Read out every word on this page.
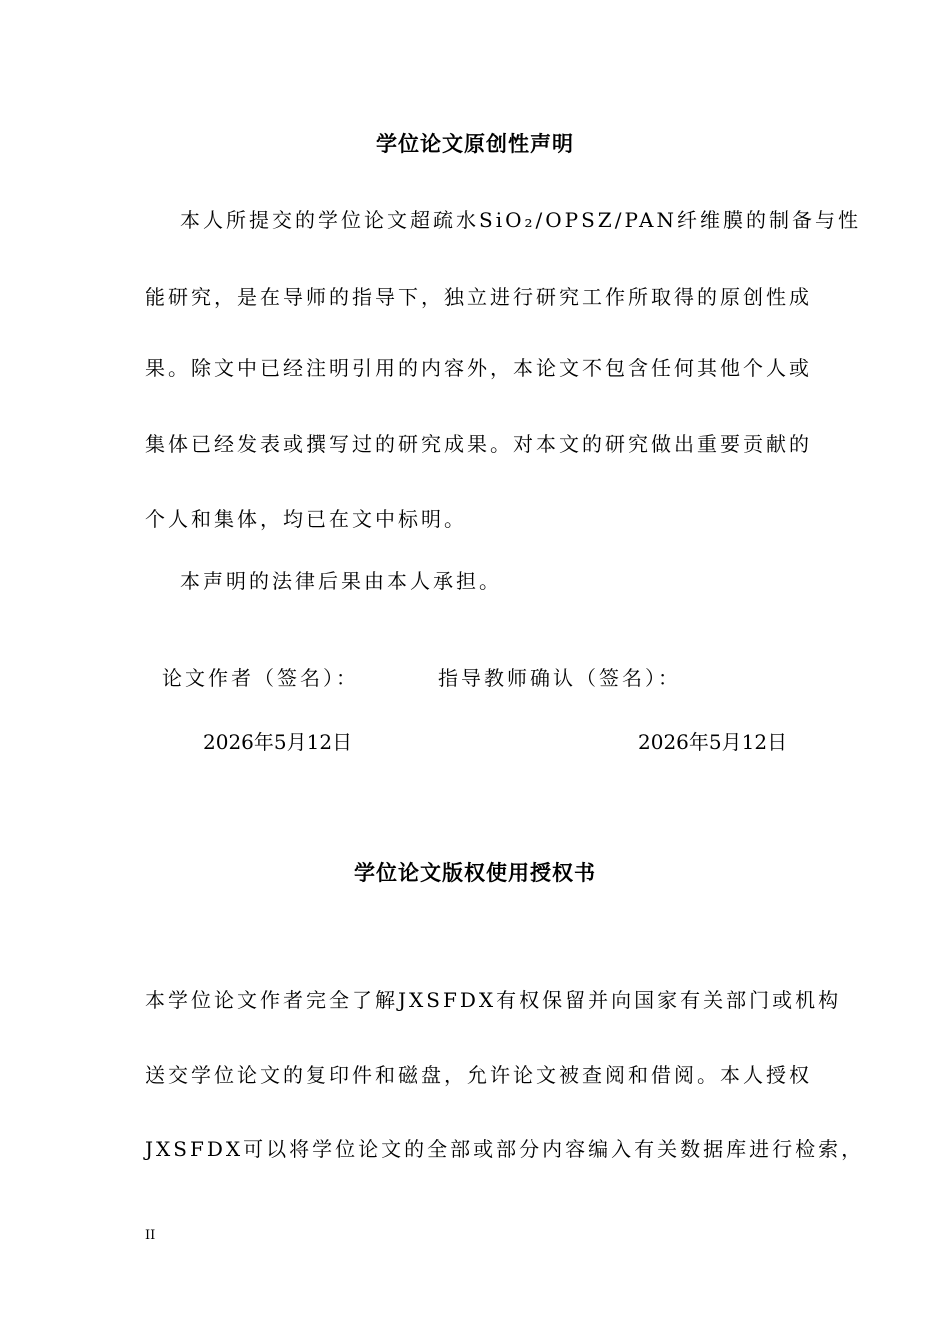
学位论文原创性声明
本人所提交的学位论文超疏水SiO₂/OPSZ/PAN纤维膜的制备与性
能研究，是在导师的指导下，独立进行研究工作所取得的原创性成
果。除文中已经注明引用的内容外，本论文不包含任何其他个人或
集体已经发表或撰写过的研究成果。对本文的研究做出重要贡献的
个人和集体，均已在文中标明。
本声明的法律后果由本人承担。
论文作者（签名）：	指导教师确认（签名）：
2026年5月12日	2026年5月12日
学位论文版权使用授权书
本学位论文作者完全了解JXSFDX有权保留并向国家有关部门或机构
送交学位论文的复印件和磁盘，允许论文被查阅和借阅。本人授权
JXSFDX可以将学位论文的全部或部分内容编入有关数据库进行检索，
II
